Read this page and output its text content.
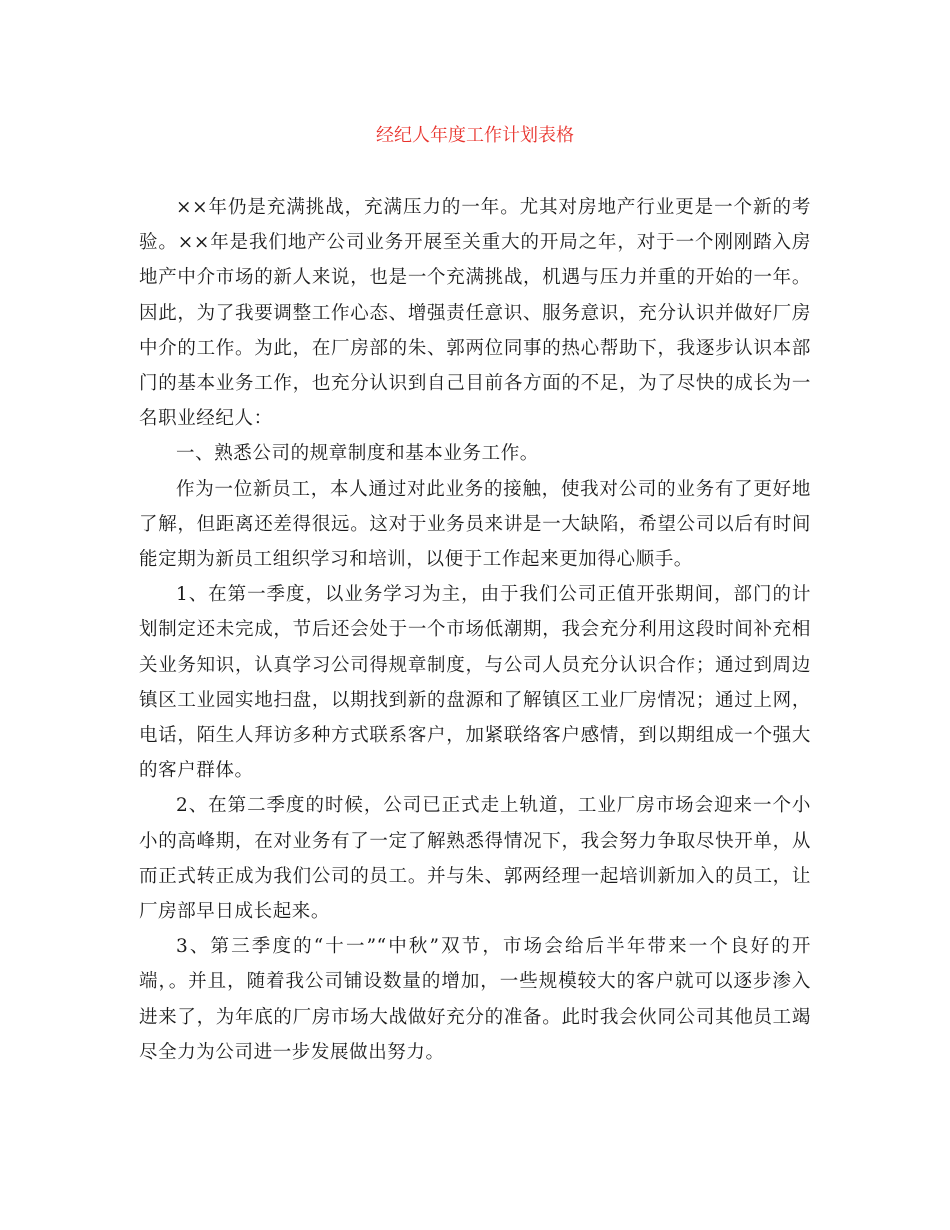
经纪人年度工作计划表格

××年仍是充满挑战，充满压力的一年。尤其对房地产行业更是一个新的考验。××年是我们地产公司业务开展至关重大的开局之年，对于一个刚刚踏入房地产中介市场的新人来说，也是一个充满挑战，机遇与压力并重的开始的一年。因此，为了我要调整工作心态、增强责任意识、服务意识，充分认识并做好厂房中介的工作。为此，在厂房部的朱、郭两位同事的热心帮助下，我逐步认识本部门的基本业务工作，也充分认识到自己目前各方面的不足，为了尽快的成长为一名职业经纪人：

一、熟悉公司的规章制度和基本业务工作。

作为一位新员工，本人通过对此业务的接触，使我对公司的业务有了更好地了解，但距离还差得很远。这对于业务员来讲是一大缺陷，希望公司以后有时间能定期为新员工组织学习和培训，以便于工作起来更加得心顺手。

1、在第一季度，以业务学习为主，由于我们公司正值开张期间，部门的计划制定还未完成，节后还会处于一个市场低潮期，我会充分利用这段时间补充相关业务知识，认真学习公司得规章制度，与公司人员充分认识合作；通过到周边镇区工业园实地扫盘，以期找到新的盘源和了解镇区工业厂房情况；通过上网，电话，陌生人拜访多种方式联系客户，加紧联络客户感情，到以期组成一个强大的客户群体。

2、在第二季度的时候，公司已正式走上轨道，工业厂房市场会迎来一个小小的高峰期，在对业务有了一定了解熟悉得情况下，我会努力争取尽快开单，从而正式转正成为我们公司的员工。并与朱、郭两经理一起培训新加入的员工，让厂房部早日成长起来。

3、第三季度的“十一”“中秋”双节，市场会给后半年带来一个良好的开端，。并且，随着我公司铺设数量的增加，一些规模较大的客户就可以逐步渗入进来了，为年底的厂房市场大战做好充分的准备。此时我会伙同公司其他员工竭尽全力为公司进一步发展做出努力。
